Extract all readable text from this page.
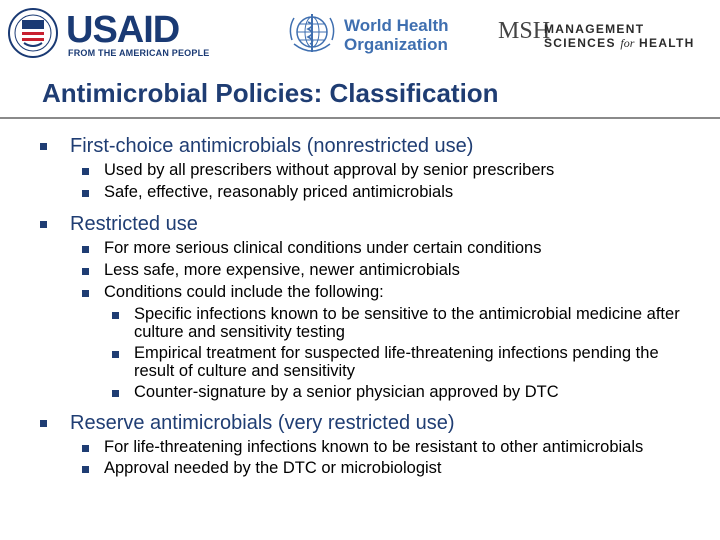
USAID
FROM THE AMERICAN PEOPLE
World Health
Organization
MSH
MANAGEMENT
SCIENCES for HEALTH
Antimicrobial Policies: Classification
First-choice antimicrobials (nonrestricted use)
Used by all prescribers without approval by senior prescribers
Safe, effective, reasonably priced antimicrobials
Restricted use
For more serious clinical conditions under certain conditions
Less safe, more expensive, newer antimicrobials
Conditions could include the following:
Specific infections known to be sensitive to the antimicrobial medicine after culture and sensitivity testing
Empirical treatment for suspected life-threatening infections pending the result of culture and sensitivity
Counter-signature by a senior physician approved by DTC
Reserve antimicrobials (very restricted use)
For life-threatening infections known to be resistant to other antimicrobials
Approval needed by the DTC or microbiologist
